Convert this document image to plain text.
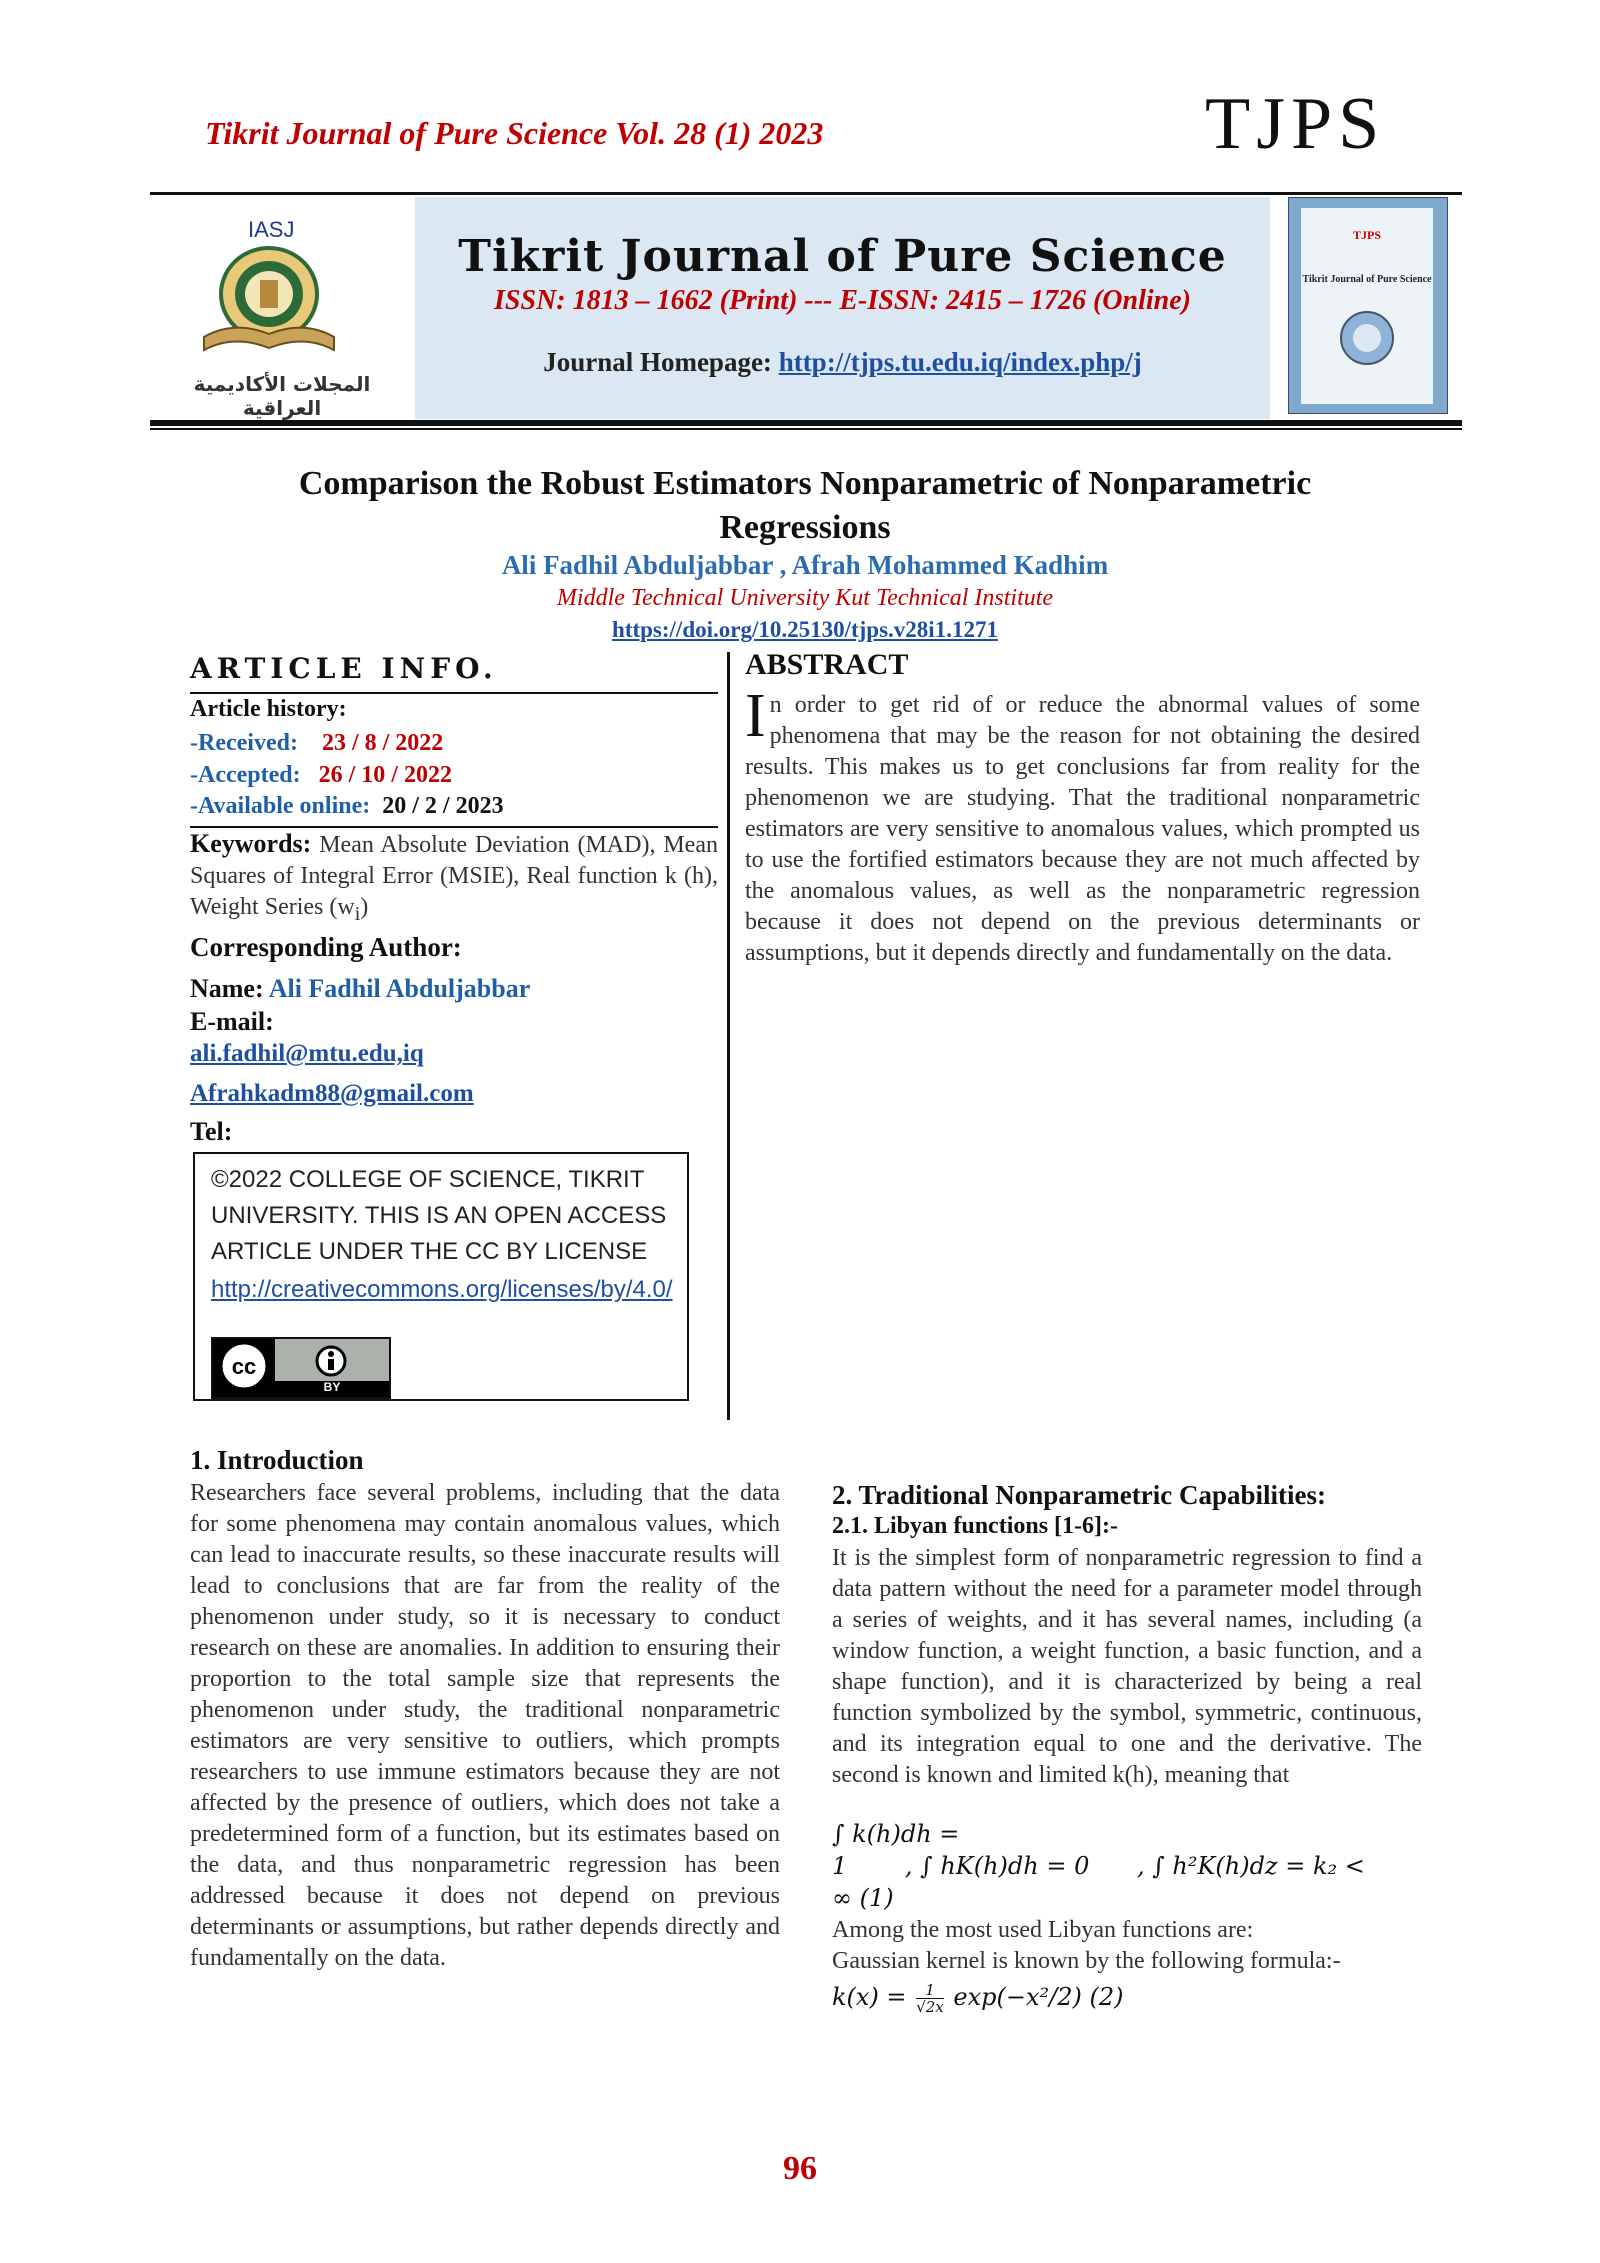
Tikrit Journal of Pure Science Vol. 28 (1) 2023	TJPS
IASJ
المجلات الأكاديمية العراقية
Tikrit Journal of Pure Science
ISSN: 1813 – 1662 (Print) --- E-ISSN: 2415 – 1726 (Online)
Journal Homepage: http://tjps.tu.edu.iq/index.php/j
TJPS
Tikrit Journal of Pure Science
Comparison the Robust Estimators Nonparametric of Nonparametric
Regressions
Ali Fadhil Abduljabbar , Afrah Mohammed Kadhim
Middle Technical University Kut Technical Institute
https://doi.org/10.25130/tjps.v28i1.1271
ARTICLE INFO.
Article history:
-Received: 23 / 8 / 2022
-Accepted: 26 / 10 / 2022
-Available online: 20 / 2 / 2023
Keywords: Mean Absolute Deviation (MAD), Mean Squares of Integral Error (MSIE), Real function k (h), Weight Series $(w_i)$
Corresponding Author:
Name: Ali Fadhil Abduljabbar
E-mail:
ali.fadhil@mtu.edu,iq
Afrahkadm88@gmail.com
Tel:
©2022 COLLEGE OF SCIENCE, TIKRIT UNIVERSITY. THIS IS AN OPEN ACCESS ARTICLE UNDER THE CC BY LICENSE
http://creativecommons.org/licenses/by/4.0/
cc
BY
ABSTRACT
In order to get rid of or reduce the abnormal values of some phenomena that may be the reason for not obtaining the desired results. This makes us to get conclusions far from reality for the phenomenon we are studying. That the traditional nonparametric estimators are very sensitive to anomalous values, which prompted us to use the fortified estimators because they are not much affected by the anomalous values, as well as the nonparametric regression because it does not depend on the previous determinants or assumptions, but it depends directly and fundamentally on the data.
1. Introduction
Researchers face several problems, including that the data for some phenomena may contain anomalous values, which can lead to inaccurate results, so these inaccurate results will lead to conclusions that are far from the reality of the phenomenon under study, so it is necessary to conduct research on these are anomalies. In addition to ensuring their proportion to the total sample size that represents the phenomenon under study, the traditional nonparametric estimators are very sensitive to outliers, which prompts researchers to use immune estimators because they are not affected by the presence of outliers, which does not take a predetermined form of a function, but its estimates based on the data, and thus nonparametric regression has been addressed because it does not depend on previous determinants or assumptions, but rather depends directly and fundamentally on the data.
2. Traditional Nonparametric Capabilities:
2.1. Libyan functions [1-6]:-
It is the simplest form of nonparametric regression to find a data pattern without the need for a parameter model through a series of weights, and it has several names, including (a window function, a weight function, a basic function, and a shape function), and it is characterized by being a real function symbolized by the symbol, symmetric, continuous, and its integration equal to one and the derivative. The second is known and limited k(h), meaning that
∫ k(h)dh =
1 , ∫ hK(h)dh = 0 , ∫ h²K(h)dz = k₂ <
∞ (1)
Among the most used Libyan functions are:
Gaussian kernel is known by the following formula:-
$k(x) = \frac{1}{√2x} \exp(-x^2/2)$ (2)
96
